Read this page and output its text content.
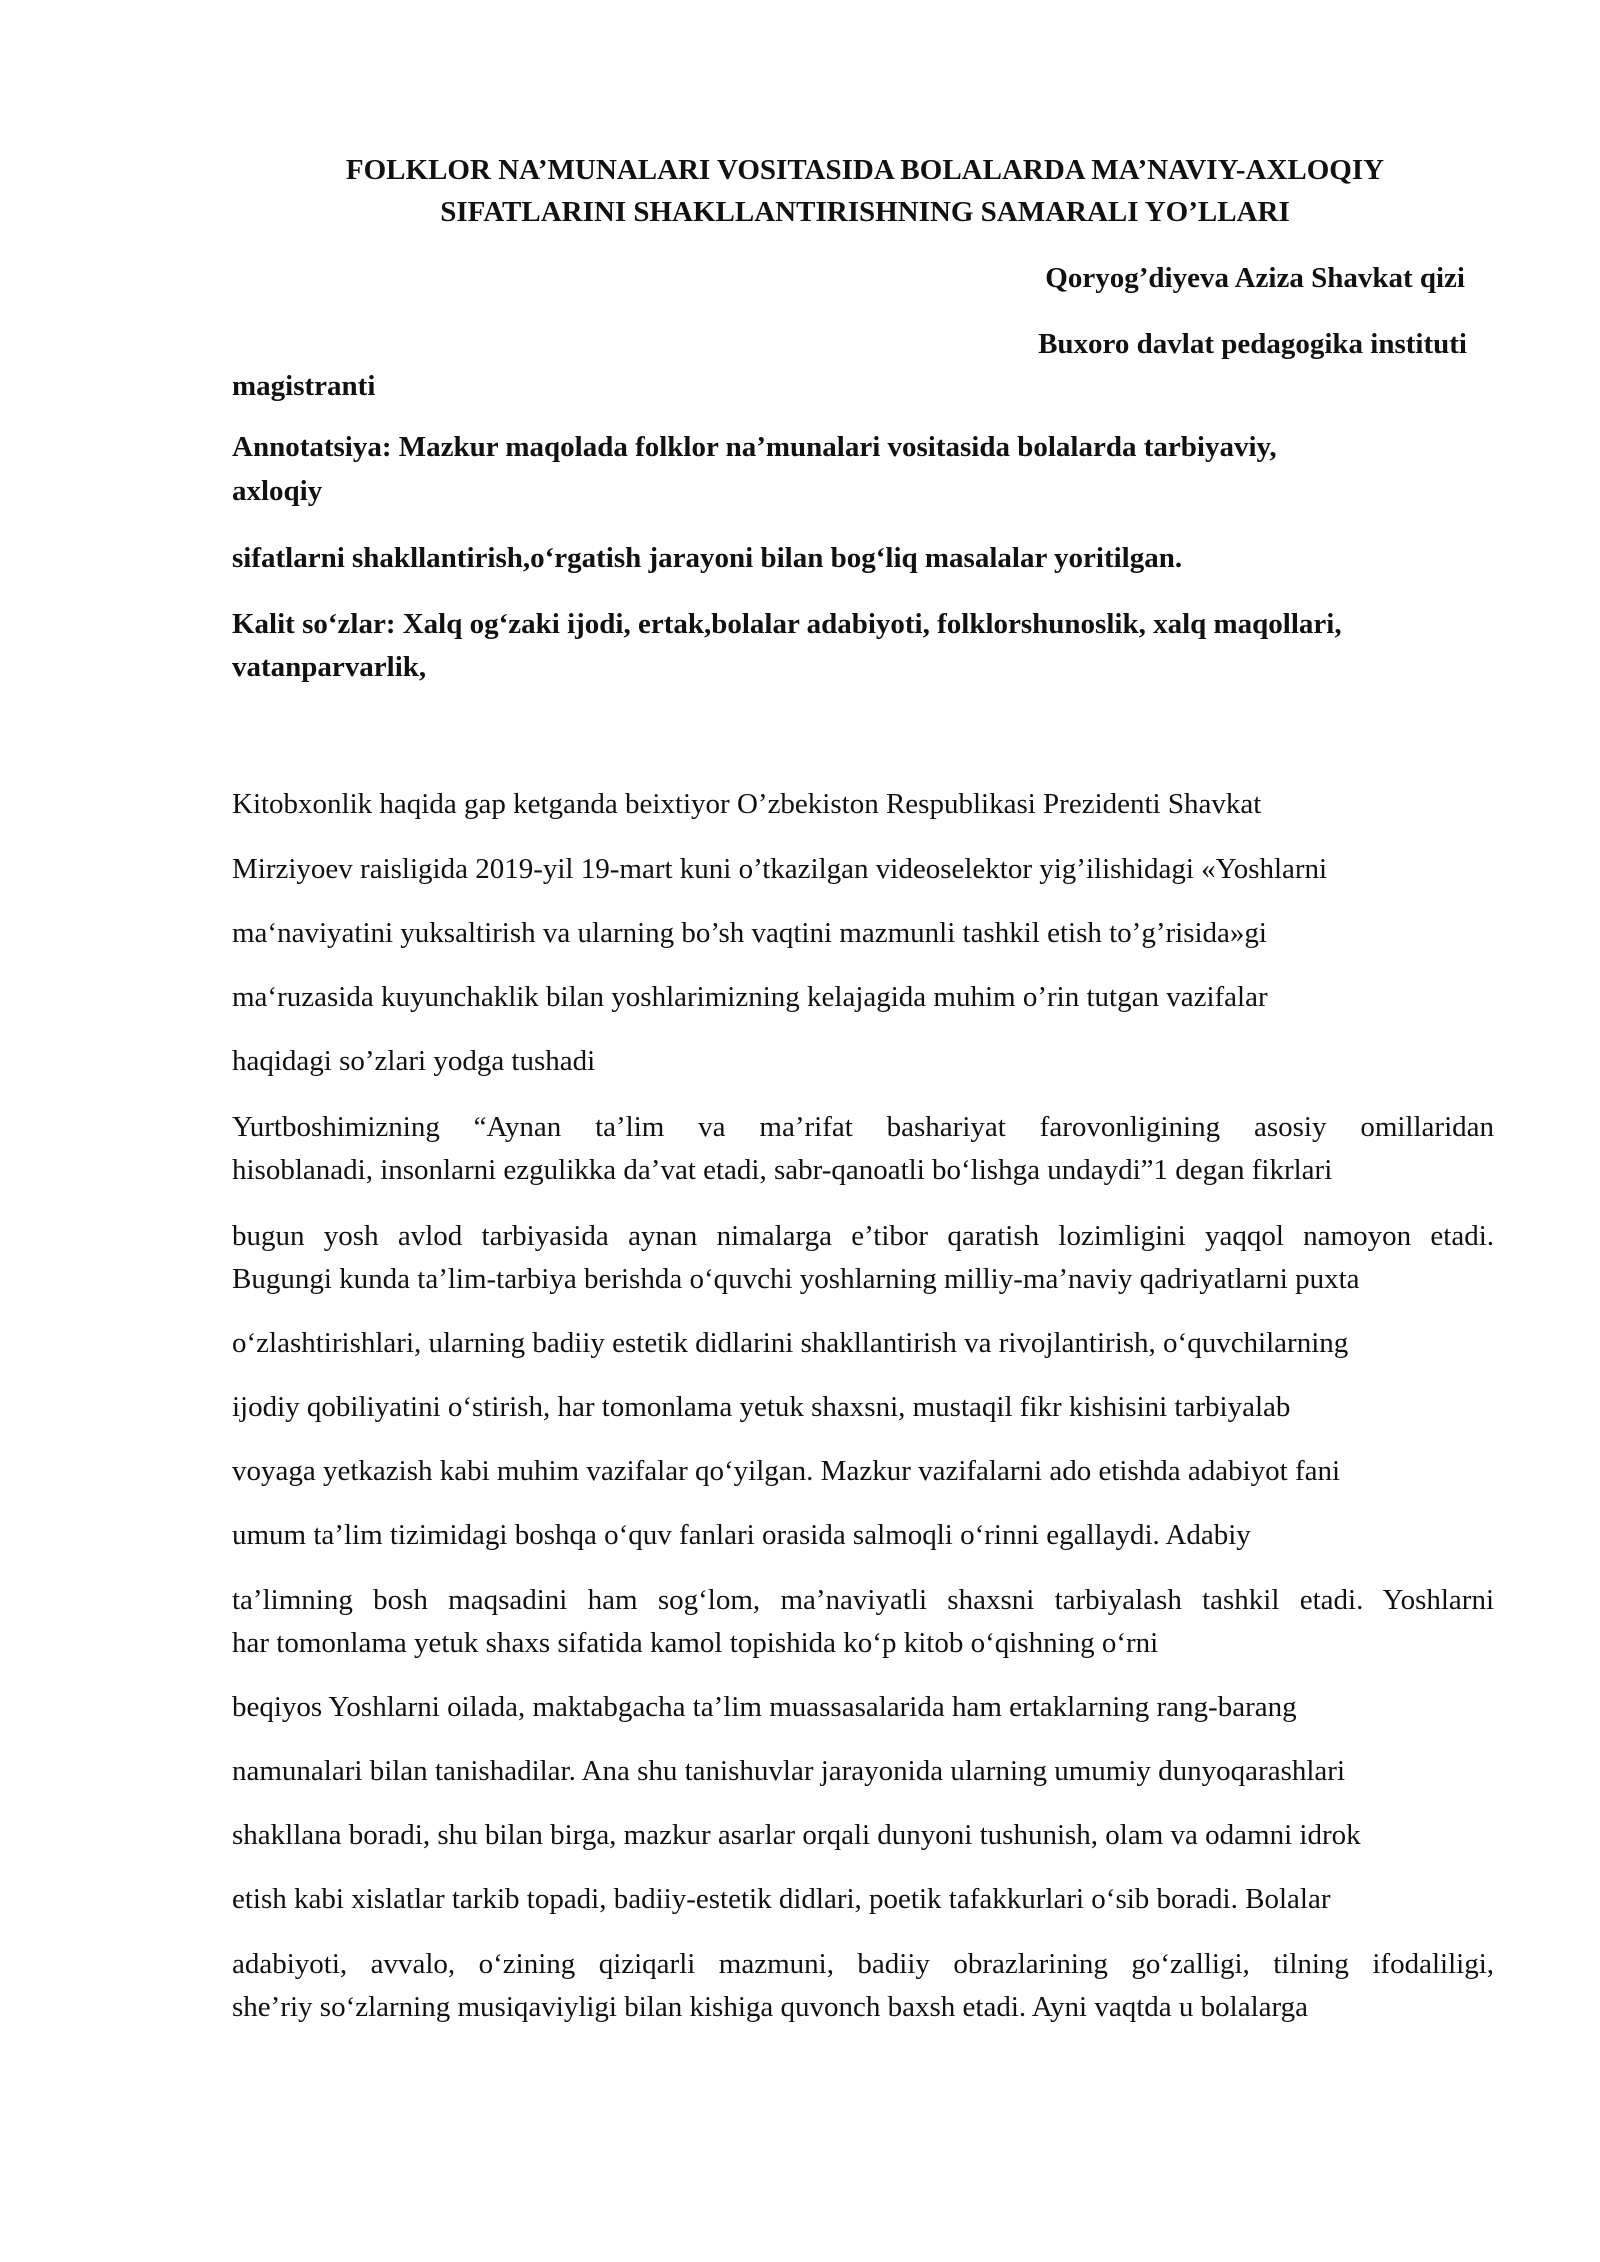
FOLKLOR NA’MUNALARI VOSITASIDA BOLALARDA MA’NAVIY-AXLOQIY
SIFATLARINI SHAKLLANTIRISHNING SAMARALI YO’LLARI
Qoryog’diyeva Aziza Shavkat qizi
Buxoro davlat pedagogika instituti
magistranti
Annotatsiya: Mazkur maqolada folklor na’munalari vositasida bolalarda tarbiyaviy,
axloqiy
sifatlarni shakllantirish,o‘rgatish jarayoni bilan bog‘liq masalalar yoritilgan.
Kalit so‘zlar: Xalq og‘zaki ijodi, ertak,bolalar adabiyoti, folklorshunoslik, xalq maqollari,
vatanparvarlik,
Kitobxonlik haqida gap ketganda beixtiyor O’zbekiston Respublikasi Prezidenti Shavkat
Mirziyoev raisligida 2019-yil 19-mart kuni o’tkazilgan videoselektor yig’ilishidagi «Yoshlarni
ma‘naviyatini yuksaltirish va ularning bo’sh vaqtini mazmunli tashkil etish to’g’risida»gi
ma‘ruzasida kuyunchaklik bilan yoshlarimizning kelajagida muhim o’rin tutgan vazifalar
haqidagi so’zlari yodga tushadi
Yurtboshimizning “Aynan ta’lim va ma’rifat bashariyat farovonligining asosiy omillaridan
hisoblanadi, insonlarni ezgulikka da’vat etadi, sabr-qanoatli bo‘lishga undaydi”1 degan fikrlari
bugun yosh avlod tarbiyasida aynan nimalarga e’tibor qaratish lozimligini yaqqol namoyon etadi.
Bugungi kunda ta’lim-tarbiya berishda o‘quvchi yoshlarning milliy-ma’naviy qadriyatlarni puxta
o‘zlashtirishlari, ularning badiiy estetik didlarini shakllantirish va rivojlantirish, o‘quvchilarning
ijodiy qobiliyatini o‘stirish, har tomonlama yetuk shaxsni, mustaqil fikr kishisini tarbiyalab
voyaga yetkazish kabi muhim vazifalar qo‘yilgan. Mazkur vazifalarni ado etishda adabiyot fani
umum ta’lim tizimidagi boshqa o‘quv fanlari orasida salmoqli o‘rinni egallaydi. Adabiy
ta’limning bosh maqsadini ham sog‘lom, ma’naviyatli shaxsni tarbiyalash tashkil etadi. Yoshlarni
har tomonlama yetuk shaxs sifatida kamol topishida ko‘p kitob o‘qishning o‘rni
beqiyos Yoshlarni oilada, maktabgacha ta’lim muassasalarida ham ertaklarning rang-barang
namunalari bilan tanishadilar. Ana shu tanishuvlar jarayonida ularning umumiy dunyoqarashlari
shakllana boradi, shu bilan birga, mazkur asarlar orqali dunyoni tushunish, olam va odamni idrok
etish kabi xislatlar tarkib topadi, badiiy-estetik didlari, poetik tafakkurlari o‘sib boradi. Bolalar
adabiyoti, avvalo, o‘zining qiziqarli mazmuni, badiiy obrazlarining go‘zalligi, tilning ifodaliligi,
she’riy so‘zlarning musiqaviyligi bilan kishiga quvonch baxsh etadi. Ayni vaqtda u bolalarga
